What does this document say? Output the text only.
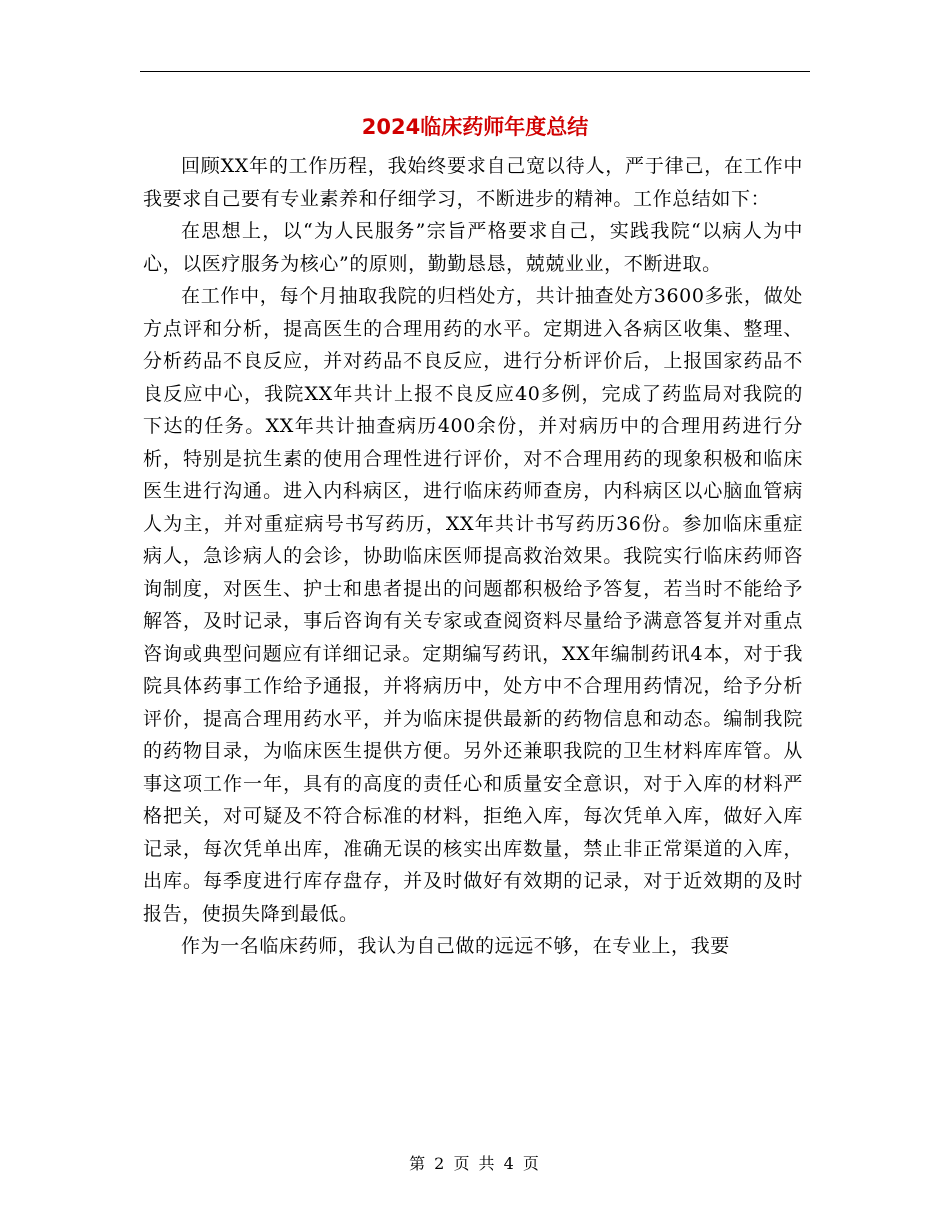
2024临床药师年度总结

回顾XX年的工作历程，我始终要求自己宽以待人，严于律己，在工作中我要求自己要有专业素养和仔细学习，不断进步的精神。工作总结如下：

在思想上，以“为人民服务”宗旨严格要求自己，实践我院“以病人为中心，以医疗服务为核心”的原则，勤勤恳恳，兢兢业业，不断进取。

在工作中，每个月抽取我院的归档处方，共计抽查处方3600多张，做处方点评和分析，提高医生的合理用药的水平。定期进入各病区收集、整理、分析药品不良反应，并对药品不良反应，进行分析评价后，上报国家药品不良反应中心，我院XX年共计上报不良反应40多例，完成了药监局对我院的下达的任务。XX年共计抽查病历400余份，并对病历中的合理用药进行分析，特别是抗生素的使用合理性进行评价，对不合理用药的现象积极和临床医生进行沟通。进入内科病区，进行临床药师查房，内科病区以心脑血管病人为主，并对重症病号书写药历，XX年共计书写药历36份。参加临床重症病人，急诊病人的会诊，协助临床医师提高救治效果。我院实行临床药师咨询制度，对医生、护士和患者提出的问题都积极给予答复，若当时不能给予解答，及时记录，事后咨询有关专家或查阅资料尽量给予满意答复并对重点咨询或典型问题应有详细记录。定期编写药讯，XX年编制药讯4本，对于我院具体药事工作给予通报，并将病历中，处方中不合理用药情况，给予分析评价，提高合理用药水平，并为临床提供最新的药物信息和动态。编制我院的药物目录，为临床医生提供方便。另外还兼职我院的卫生材料库库管。从事这项工作一年，具有的高度的责任心和质量安全意识，对于入库的材料严格把关，对可疑及不符合标准的材料，拒绝入库，每次凭单入库，做好入库记录，每次凭单出库，准确无误的核实出库数量，禁止非正常渠道的入库，出库。每季度进行库存盘存，并及时做好有效期的记录，对于近效期的及时报告，使损失降到最低。

作为一名临床药师，我认为自己做的远远不够，在专业上，我要

第 2 页 共 4 页
